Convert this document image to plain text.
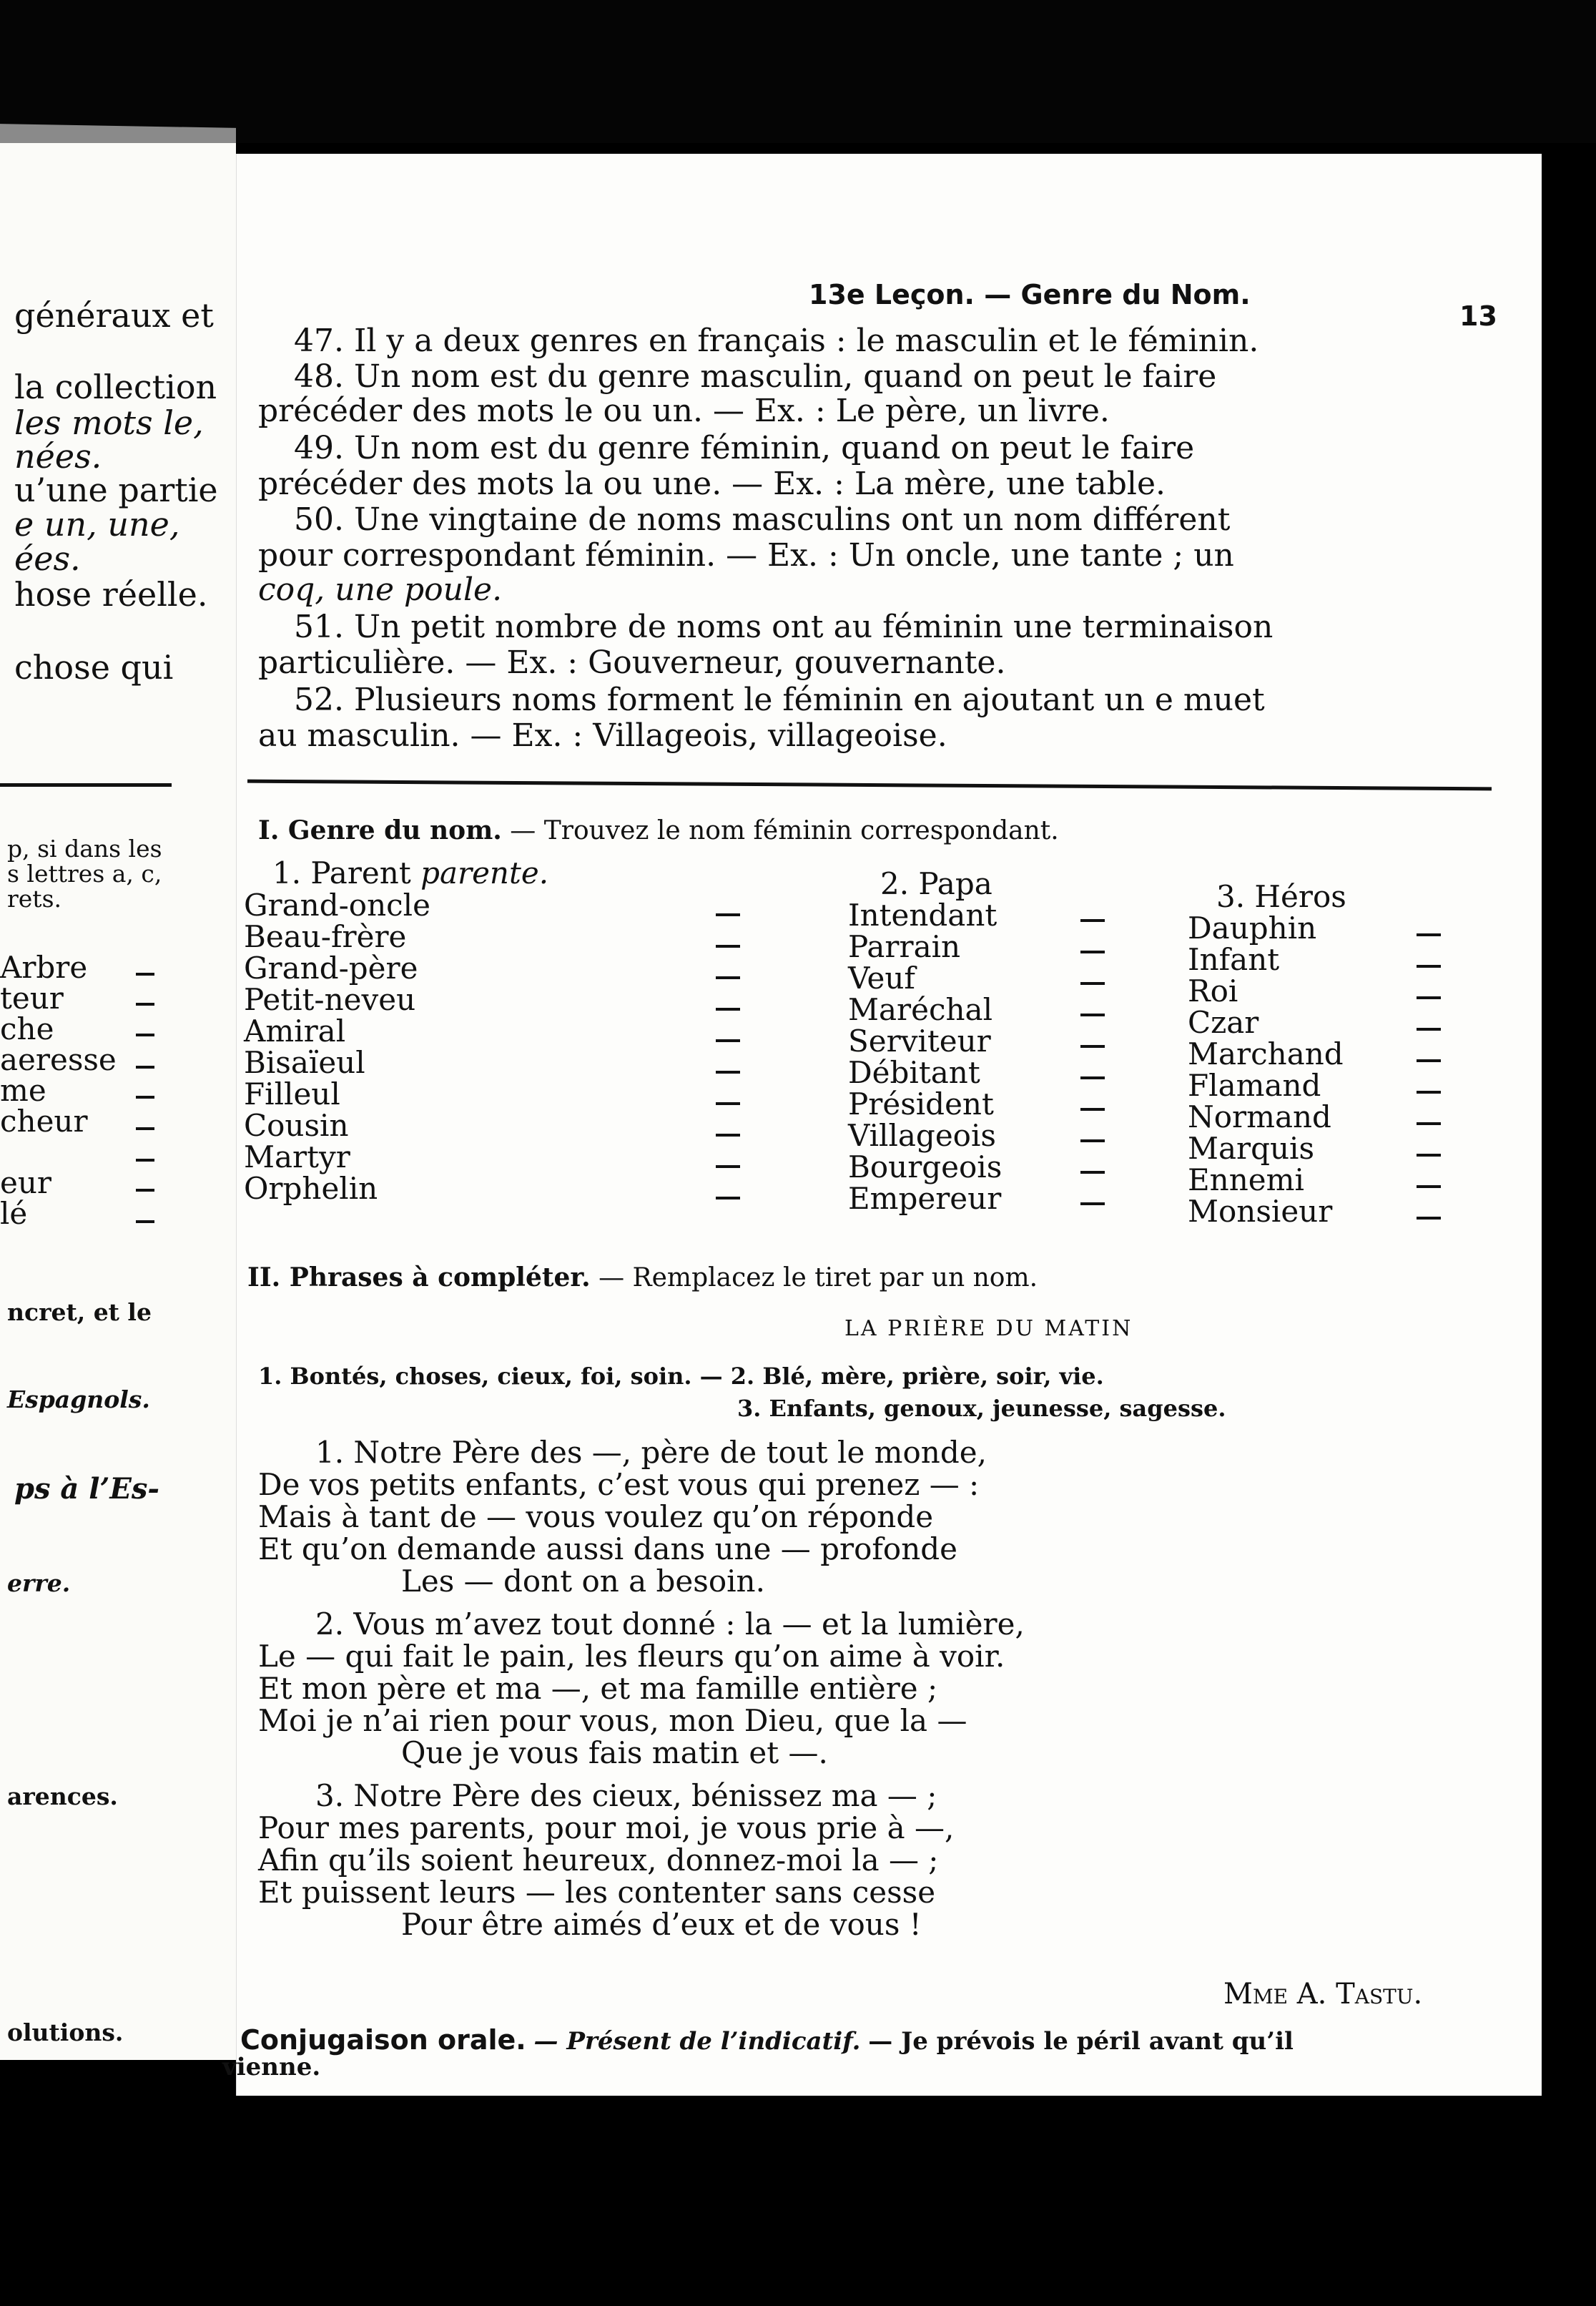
généraux et
la collection
les mots le,
nées.
u’une partie
e un, une,
ées.
hose réelle.
chose qui
p, si dans les
s lettres a, c,
rets.
Arbre
teur
che
aeresse
me
cheur
eur
lé
ncret, et le
Espagnols.
ps à l’Es-
erre.
arences.
olutions.
13e Leçon. — Genre du Nom.
13
47. Il y a deux genres en français : le masculin et le féminin.
48. Un nom est du genre masculin, quand on peut le faire
précéder des mots le ou un. — Ex. : Le père, un livre.
49. Un nom est du genre féminin, quand on peut le faire
précéder des mots la ou une. — Ex. : La mère, une table.
50. Une vingtaine de noms masculins ont un nom différent
pour correspondant féminin. — Ex. : Un oncle, une tante ; un
coq, une poule.
51. Un petit nombre de noms ont au féminin une terminaison
particulière. — Ex. : Gouverneur, gouvernante.
52. Plusieurs noms forment le féminin en ajoutant un e muet
au masculin. — Ex. : Villageois, villageoise.
I. Genre du nom. — Trouvez le nom féminin correspondant.
1. Parent parente.
Grand-oncle
Beau-frère
Grand-père
Petit-neveu
Amiral
Bisaïeul
Filleul
Cousin
Martyr
Orphelin
2. Papa
Intendant
Parrain
Veuf
Maréchal
Serviteur
Débitant
Président
Villageois
Bourgeois
Empereur
3. Héros
Dauphin
Infant
Roi
Czar
Marchand
Flamand
Normand
Marquis
Ennemi
Monsieur
II. Phrases à compléter. — Remplacez le tiret par un nom.
LA PRIÈRE DU MATIN
1. Bontés, choses, cieux, foi, soin. — 2. Blé, mère, prière, soir, vie.
3. Enfants, genoux, jeunesse, sagesse.
1. Notre Père des —, père de tout le monde,
De vos petits enfants, c’est vous qui prenez — :
Mais à tant de — vous voulez qu’on réponde
Et qu’on demande aussi dans une — profonde
Les — dont on a besoin.
2. Vous m’avez tout donné : la — et la lumière,
Le — qui fait le pain, les fleurs qu’on aime à voir.
Et mon père et ma —, et ma famille entière ;
Moi je n’ai rien pour vous, mon Dieu, que la —
Que je vous fais matin et —.
3. Notre Père des cieux, bénissez ma — ;
Pour mes parents, pour moi, je vous prie à —,
Afin qu’ils soient heureux, donnez-moi la — ;
Et puissent leurs — les contenter sans cesse
Pour être aimés d’eux et de vous !
Mme A. Tastu.
Conjugaison orale. — Présent de l’indicatif. — Je prévois le péril avant qu’il
vienne.
